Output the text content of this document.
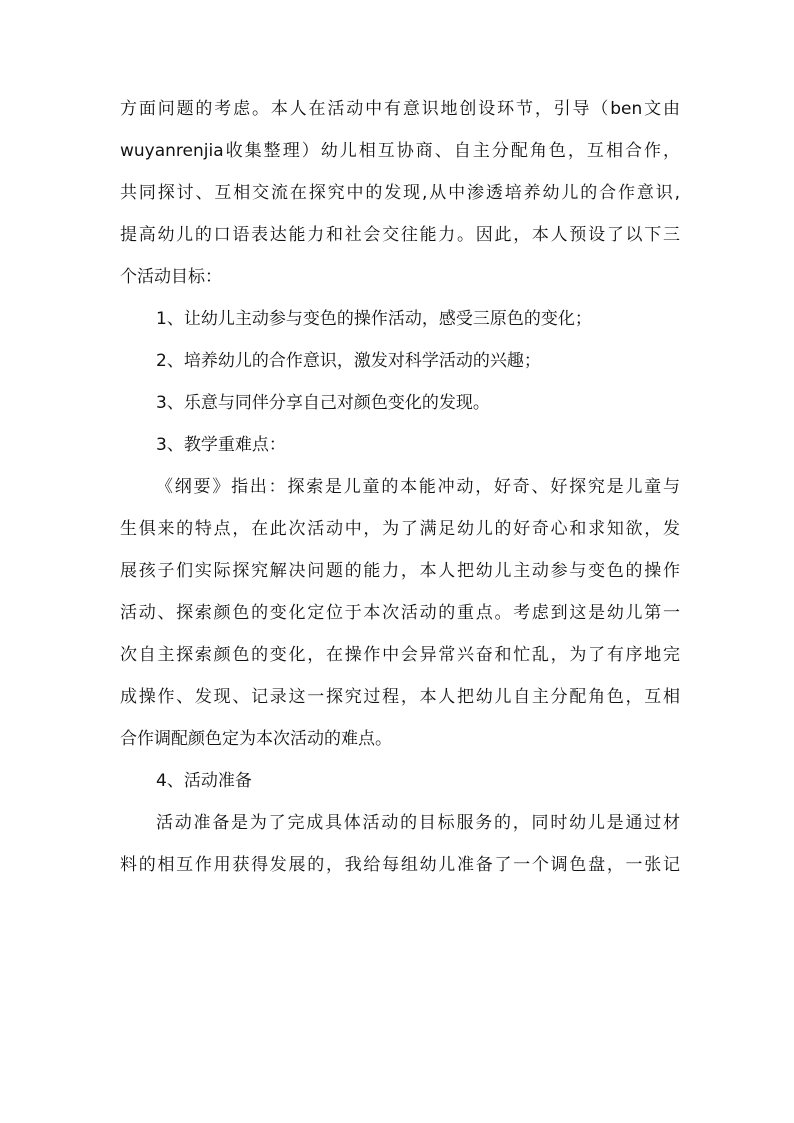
方面问题的考虑。本人在活动中有意识地创设环节，引导（ben文由
wuyanrenjia收集整理）幼儿相互协商、自主分配角色，互相合作，
共同探讨、互相交流在探究中的发现,从中渗透培养幼儿的合作意识,
提高幼儿的口语表达能力和社会交往能力。因此，本人预设了以下三
个活动目标：
1、让幼儿主动参与变色的操作活动，感受三原色的变化；
2、培养幼儿的合作意识，激发对科学活动的兴趣；
3、乐意与同伴分享自己对颜色变化的发现。
3、教学重难点：
《纲要》指出：探索是儿童的本能冲动，好奇、好探究是儿童与
生俱来的特点，在此次活动中，为了满足幼儿的好奇心和求知欲，发
展孩子们实际探究解决问题的能力，本人把幼儿主动参与变色的操作
活动、探索颜色的变化定位于本次活动的重点。考虑到这是幼儿第一
次自主探索颜色的变化，在操作中会异常兴奋和忙乱，为了有序地完
成操作、发现、记录这一探究过程，本人把幼儿自主分配角色，互相
合作调配颜色定为本次活动的难点。
4、活动准备
活动准备是为了完成具体活动的目标服务的，同时幼儿是通过材
料的相互作用获得发展的，我给每组幼儿准备了一个调色盘，一张记
